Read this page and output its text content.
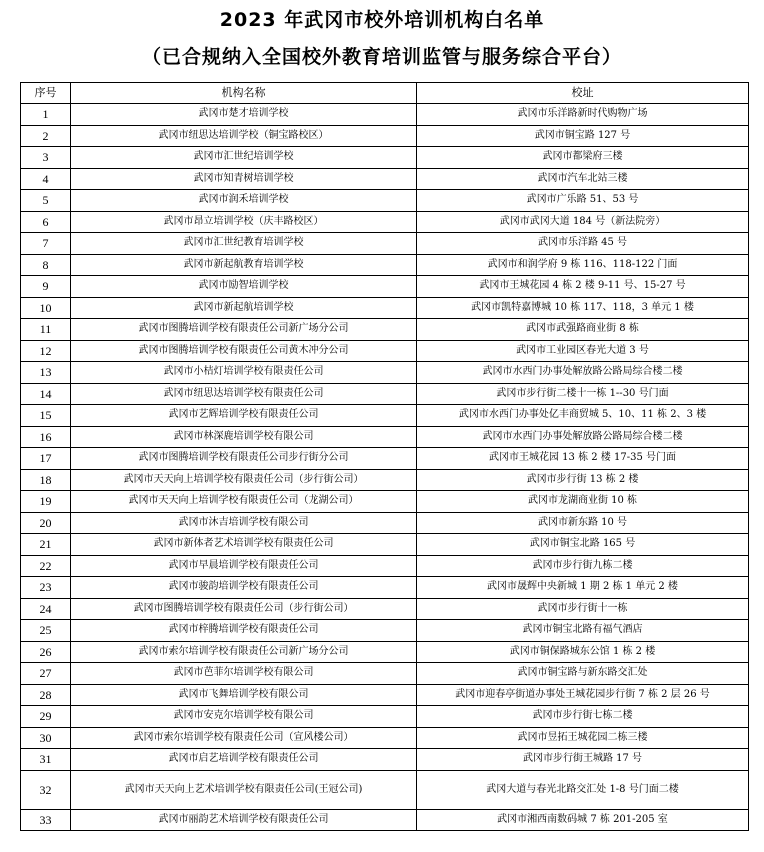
2023 年武冈市校外培训机构白名单
（已合规纳入全国校外教育培训监管与服务综合平台）
序号	机构名称	校址
1	武冈市楚才培训学校	武冈市乐洋路新时代购物广场
2	武冈市纽思达培训学校（铜宝路校区）	武冈市铜宝路 127 号
3	武冈市汇世纪培训学校	武冈市都梁府三楼
4	武冈市知青树培训学校	武冈市汽车北站三楼
5	武冈市润禾培训学校	武冈市广乐路 51、53 号
6	武冈市昂立培训学校（庆丰路校区）	武冈市武冈大道 184 号（新法院旁）
7	武冈市汇世纪教育培训学校	武冈市乐洋路 45 号
8	武冈市新起航教育培训学校	武冈市和润学府 9 栋 116、118-122 门面
9	武冈市励智培训学校	武冈市王城花园 4 栋 2 楼 9-11 号、15-27 号
10	武冈市新起航培训学校	武冈市凯特嘉博城 10 栋 117、118，3 单元 1 楼
11	武冈市图腾培训学校有限责任公司新广场分公司	武冈市武强路商业街 8 栋
12	武冈市图腾培训学校有限责任公司黄木冲分公司	武冈市工业园区春光大道 3 号
13	武冈市小桔灯培训学校有限责任公司	武冈市水西门办事处解放路公路局综合楼二楼
14	武冈市纽思达培训学校有限责任公司	武冈市步行街二楼十一栋 1--30 号门面
15	武冈市艺辉培训学校有限责任公司	武冈市水西门办事处亿丰商贸城 5、10、11 栋 2、3 楼
16	武冈市林深鹿培训学校有限公司	武冈市水西门办事处解放路公路局综合楼二楼
17	武冈市图腾培训学校有限责任公司步行街分公司	武冈市王城花园 13 栋 2 楼 17-35 号门面
18	武冈市天天向上培训学校有限责任公司（步行街公司）	武冈市步行街 13 栋 2 楼
19	武冈市天天向上培训学校有限责任公司（龙湖公司）	武冈市龙湖商业街 10 栋
20	武冈市沐吉培训学校有限公司	武冈市新东路 10 号
21	武冈市新体者艺术培训学校有限责任公司	武冈市铜宝北路 165 号
22	武冈市早晨培训学校有限责任公司	武冈市步行街九栋二楼
23	武冈市骏韵培训学校有限责任公司	武冈市晟辉中央新城 1 期 2 栋 1 单元 2 楼
24	武冈市图腾培训学校有限责任公司（步行街公司）	武冈市步行街十一栋
25	武冈市梓腾培训学校有限责任公司	武冈市铜宝北路有福气酒店
26	武冈市索尔培训学校有限责任公司新广场分公司	武冈市铜保路城东公馆 1 栋 2 楼
27	武冈市芭菲尔培训学校有限公司	武冈市铜宝路与新东路交汇处
28	武冈市飞舞培训学校有限公司	武冈市迎春亭街道办事处王城花园步行街 7 栋 2 层 26 号
29	武冈市安克尔培训学校有限公司	武冈市步行街七栋二楼
30	武冈市索尔培训学校有限责任公司（宣风楼公司）	武冈市昱拓王城花园二栋三楼
31	武冈市启艺培训学校有限责任公司	武冈市步行街王城路 17 号
32	武冈市天天向上艺术培训学校有限责任公司(王冠公司)	武冈大道与春光北路交汇处 1-8 号门面二楼
33	武冈市丽韵艺术培训学校有限责任公司	武冈市湘西南数码城 7 栋 201-205 室
